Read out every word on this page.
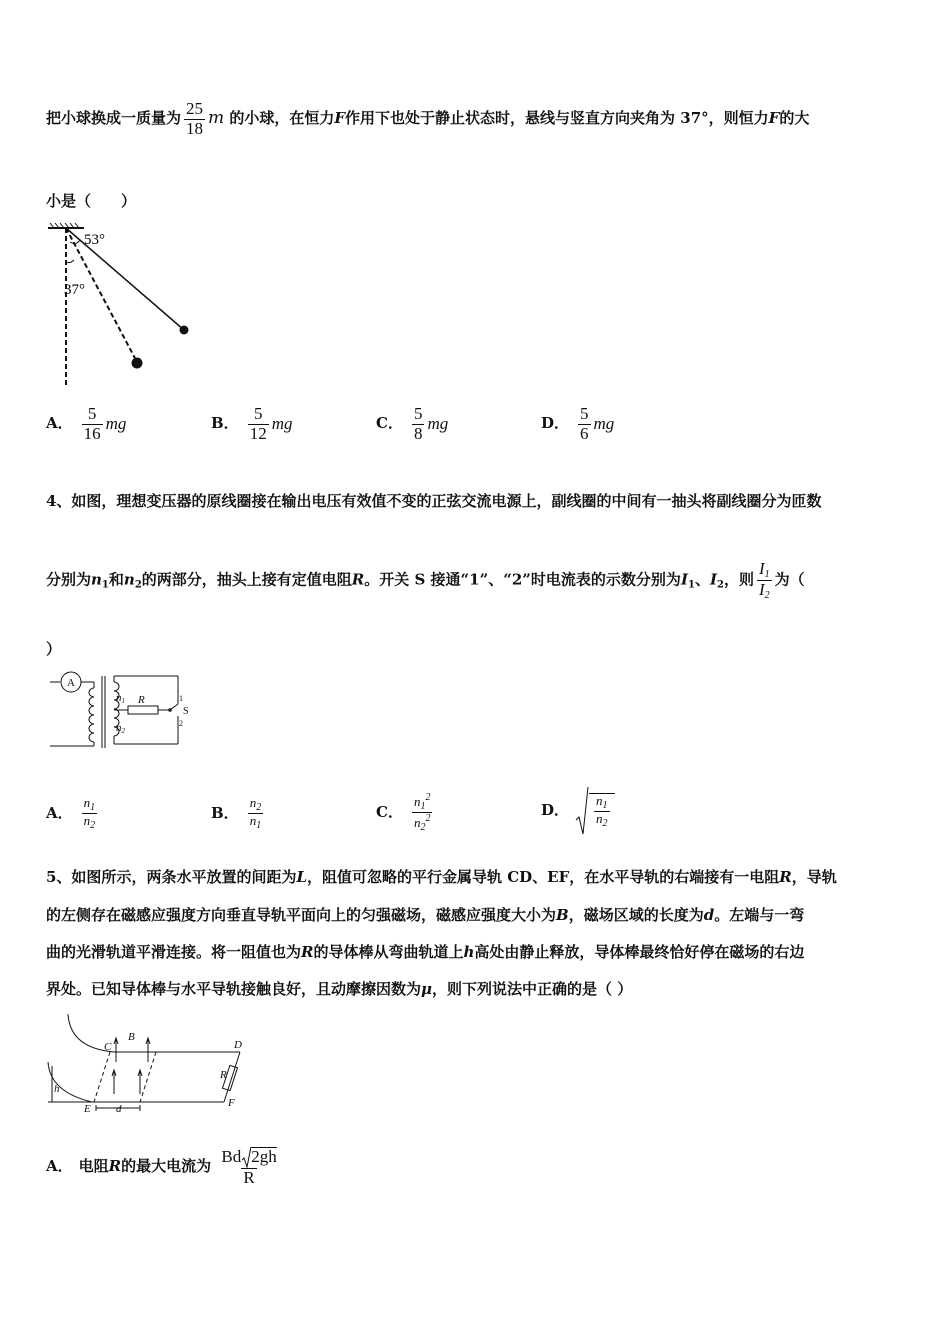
把小球换成一质量为 $\frac{25}{18}$ m 的小球，在恒力F作用下也处于静止状态时，悬线与竖直方向夹角为 37°，则恒力F的大
小是（　　）
53°
37°
A． $\frac{5}{16}$ mg	B． $\frac{5}{12}$ mg	C． $\frac{5}{8}$ mg	D． $\frac{5}{6}$ mg
4、如图，理想变压器的原线圈接在输出电压有效值不变的正弦交流电源上，副线圈的中间有一抽头将副线圈分为匝数
分别为$n_1$和$n_2$的两部分，抽头上接有定值电阻R。开关 S 接通“1”、“2”时电流表的示数分别为$I_1$、$I_2$，则 $\frac{I_1}{I_2}$ 为（
）
A
n1
n2
R
S
1
2
A． $\frac{n_1}{n_2}$	B． $\frac{n_2}{n_1}$	C． $\frac{n_1^2}{n_2^2}$	D． $\frac{n_1}{n_2}$
5、如图所示，两条水平放置的间距为L，阻值可忽略的平行金属导轨 CD、EF，在水平导轨的右端接有一电阻R，导轨
的左侧存在磁感应强度方向垂直导轨平面向上的匀强磁场，磁感应强度大小为B，磁场区域的长度为d。左端与一弯
曲的光滑轨道平滑连接。将一阻值也为R的导体棒从弯曲轨道上h高处由静止释放，导体棒最终恰好停在磁场的右边
界处。已知导体棒与水平导轨接触良好，且动摩擦因数为μ，则下列说法中正确的是（ ）
C
B
D
R
h
E d	F
A． 电阻R的最大电流为 $\frac{Bd 2gh}{R}$
